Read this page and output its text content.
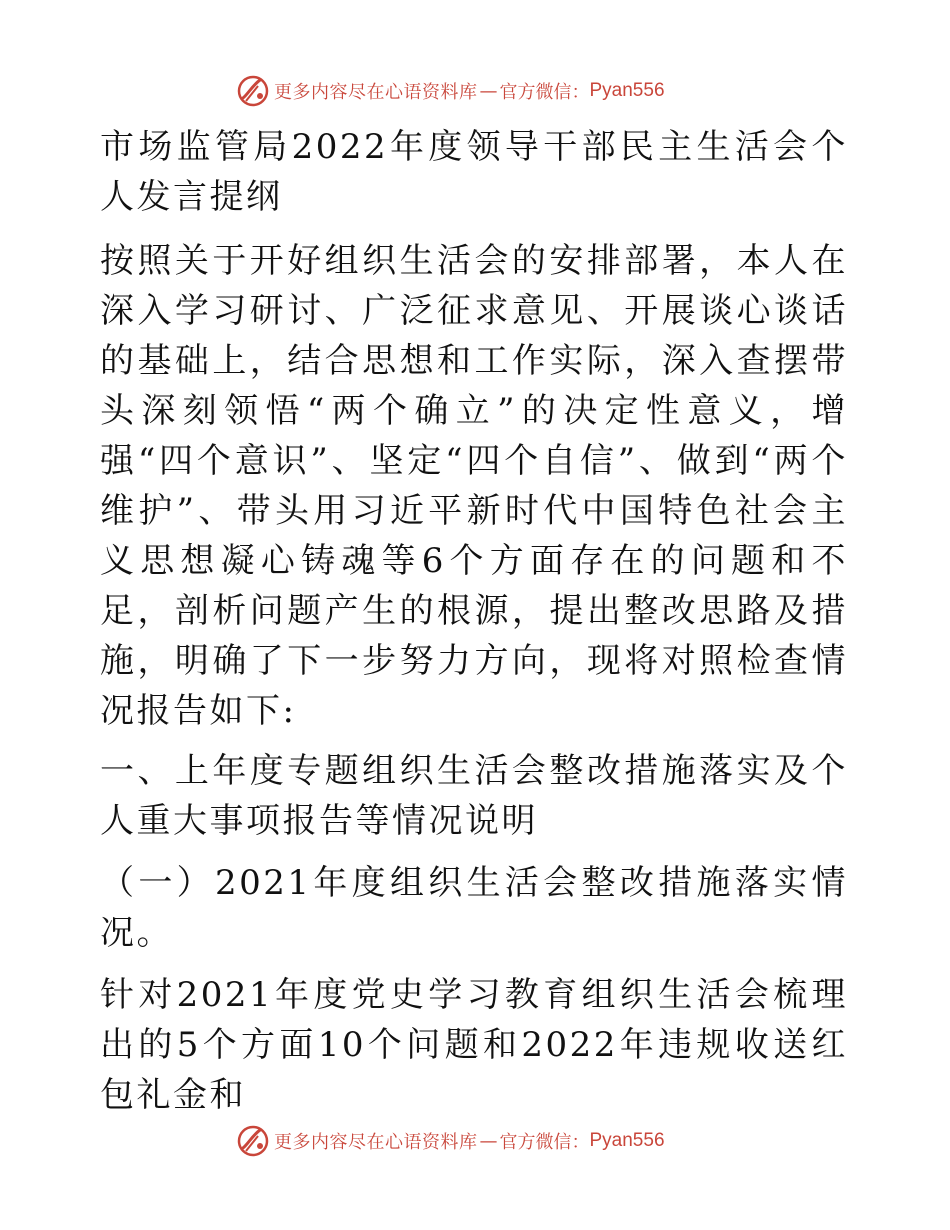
更多内容尽在心语资料库 — 官方微信： Pyan556

市场监管局2022年度领导干部民主生活会个人发言提纲

按照关于开好组织生活会的安排部署，本人在深入学习研讨、广泛征求意见、开展谈心谈话的基础上，结合思想和工作实际，深入查摆带头深刻领悟“两个确立”的决定性意义，增强“四个意识”、坚定“四个自信”、做到“两个维护”、带头用习近平新时代中国特色社会主义思想凝心铸魂等6个方面存在的问题和不足，剖析问题产生的根源，提出整改思路及措施，明确了下一步努力方向，现将对照检查情况报告如下:

一、上年度专题组织生活会整改措施落实及个人重大事项报告等情况说明

（一）2021年度组织生活会整改措施落实情况。

针对2021年度党史学习教育组织生活会梳理出的5个方面10个问题和2022年违规收送红包礼金和

更多内容尽在心语资料库 — 官方微信： Pyan556
